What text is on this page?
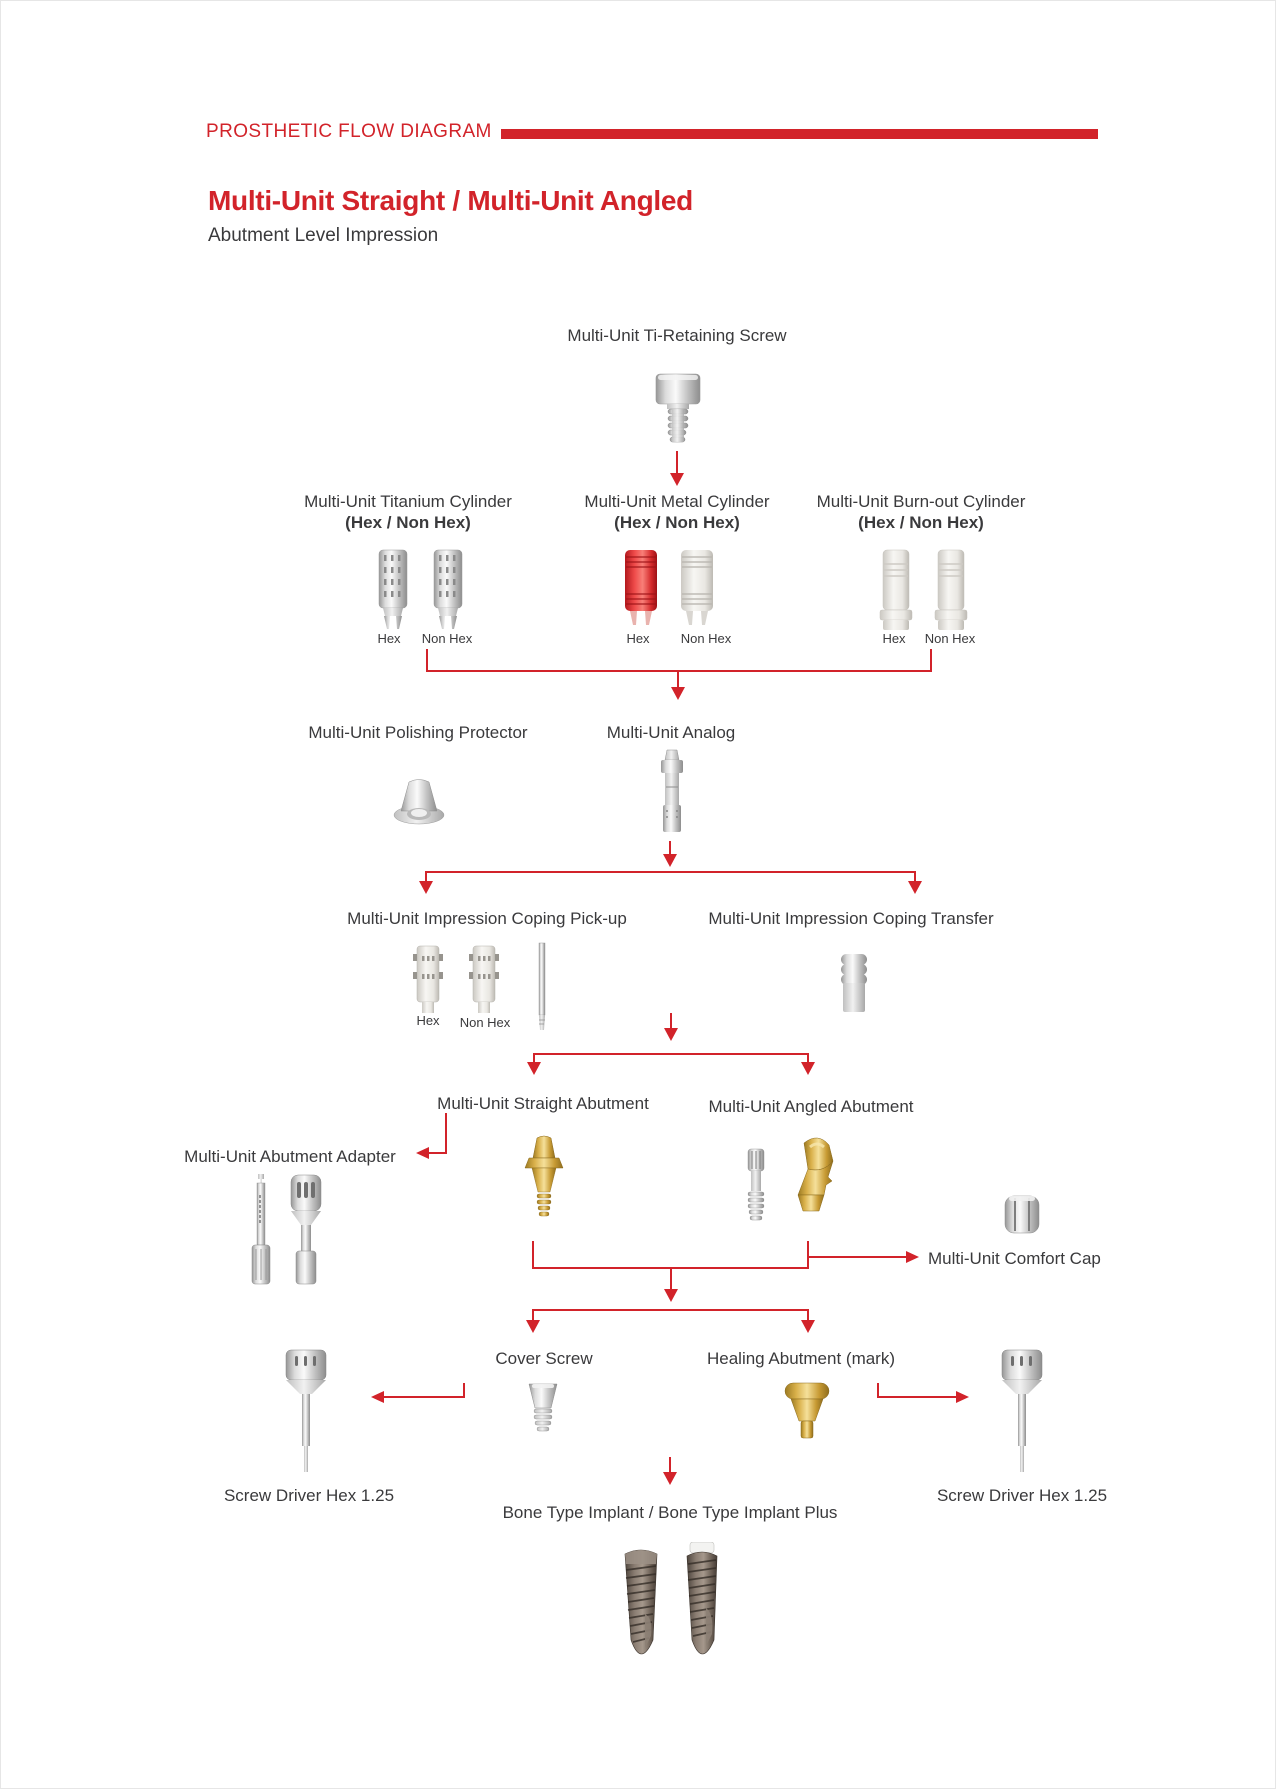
PROSTHETIC FLOW DIAGRAM
Multi-Unit Straight / Multi-Unit Angled
Abutment Level Impression
Multi-Unit Ti-Retaining Screw
Multi-Unit Titanium Cylinder
(Hex / Non Hex)
Multi-Unit Metal Cylinder
(Hex / Non Hex)
Multi-Unit Burn-out Cylinder
(Hex / Non Hex)
Hex Non Hex	Hex Non Hex	Hex Non Hex
Multi-Unit Polishing Protector	Multi-Unit Analog
Multi-Unit Impression Coping Pick-up	Multi-Unit Impression Coping Transfer
Hex Non Hex
Multi-Unit Straight Abutment	Multi-Unit Angled Abutment
Multi-Unit Abutment Adapter
Multi-Unit Comfort Cap
Cover Screw	Healing Abutment (mark)
Screw Driver Hex 1.25	Screw Driver Hex 1.25
Bone Type Implant / Bone Type Implant Plus
